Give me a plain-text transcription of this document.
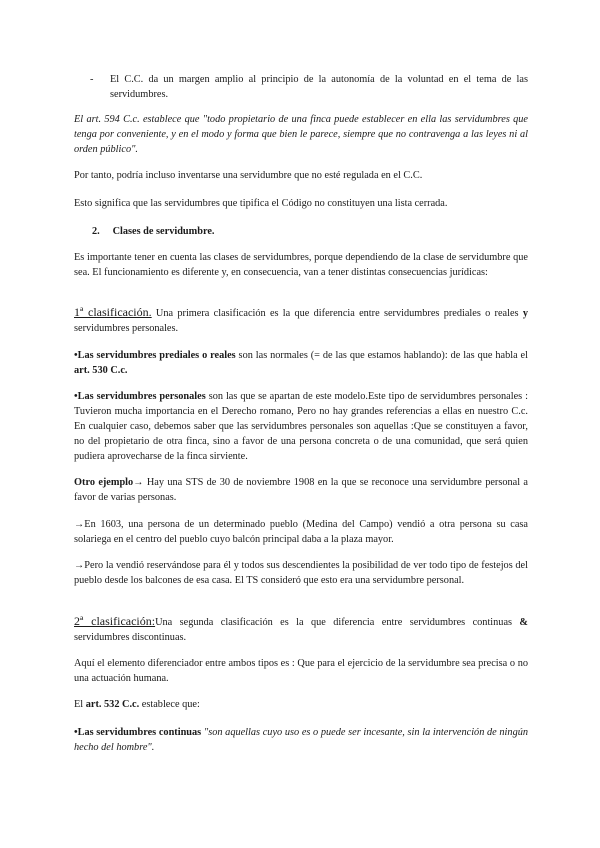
- El C.C. da un margen amplio al principio de la autonomía de la voluntad en el tema de las servidumbres.

El art. 594 C.c. establece que "todo propietario de una finca puede establecer en ella las servidumbres que tenga por conveniente, y en el modo y forma que bien le parece, siempre que no contravenga a las leyes ni al orden público".

Por tanto, podría incluso inventarse una servidumbre que no esté regulada en el C.C.

Esto significa que las servidumbres que tipifica el Código no constituyen una lista cerrada.

2. Clases de servidumbre.

Es importante tener en cuenta las clases de servidumbres, porque dependiendo de la clase de servidumbre que sea. El funcionamiento es diferente y, en consecuencia, van a tener distintas consecuencias jurídicas:

1ª clasificación. Una primera clasificación es la que diferencia entre servidumbres prediales o reales y servidumbres personales.

•Las servidumbres prediales o reales son las normales (= de las que estamos hablando): de las que habla el art. 530 C.c.

•Las servidumbres personales son las que se apartan de este modelo.Este tipo de servidumbres personales : Tuvieron mucha importancia en el Derecho romano, Pero no hay grandes referencias a ellas en nuestro C.c. En cualquier caso, debemos saber que las servidumbres personales son aquellas :Que se constituyen a favor, no del propietario de otra finca, sino a favor de una persona concreta o de una comunidad, que será quien pudiera aprovecharse de la finca sirviente.

Otro ejemplo→ Hay una STS de 30 de noviembre 1908 en la que se reconoce una servidumbre personal a favor de varias personas.

→En 1603, una persona de un determinado pueblo (Medina del Campo) vendió a otra persona su casa solariega en el centro del pueblo cuyo balcón principal daba a la plaza mayor.

→Pero la vendió reservándose para él y todos sus descendientes la posibilidad de ver todo tipo de festejos del pueblo desde los balcones de esa casa. El TS consideró que esto era una servidumbre personal.

2ª clasificación:Una segunda clasificación es la que diferencia entre servidumbres continuas & servidumbres discontinuas.

Aquí el elemento diferenciador entre ambos tipos es : Que para el ejercicio de la servidumbre sea precisa o no una actuación humana.

El art. 532 C.c. establece que:

•Las servidumbres continuas "son aquellas cuyo uso es o puede ser incesante, sin la intervención de ningún hecho del hombre".
